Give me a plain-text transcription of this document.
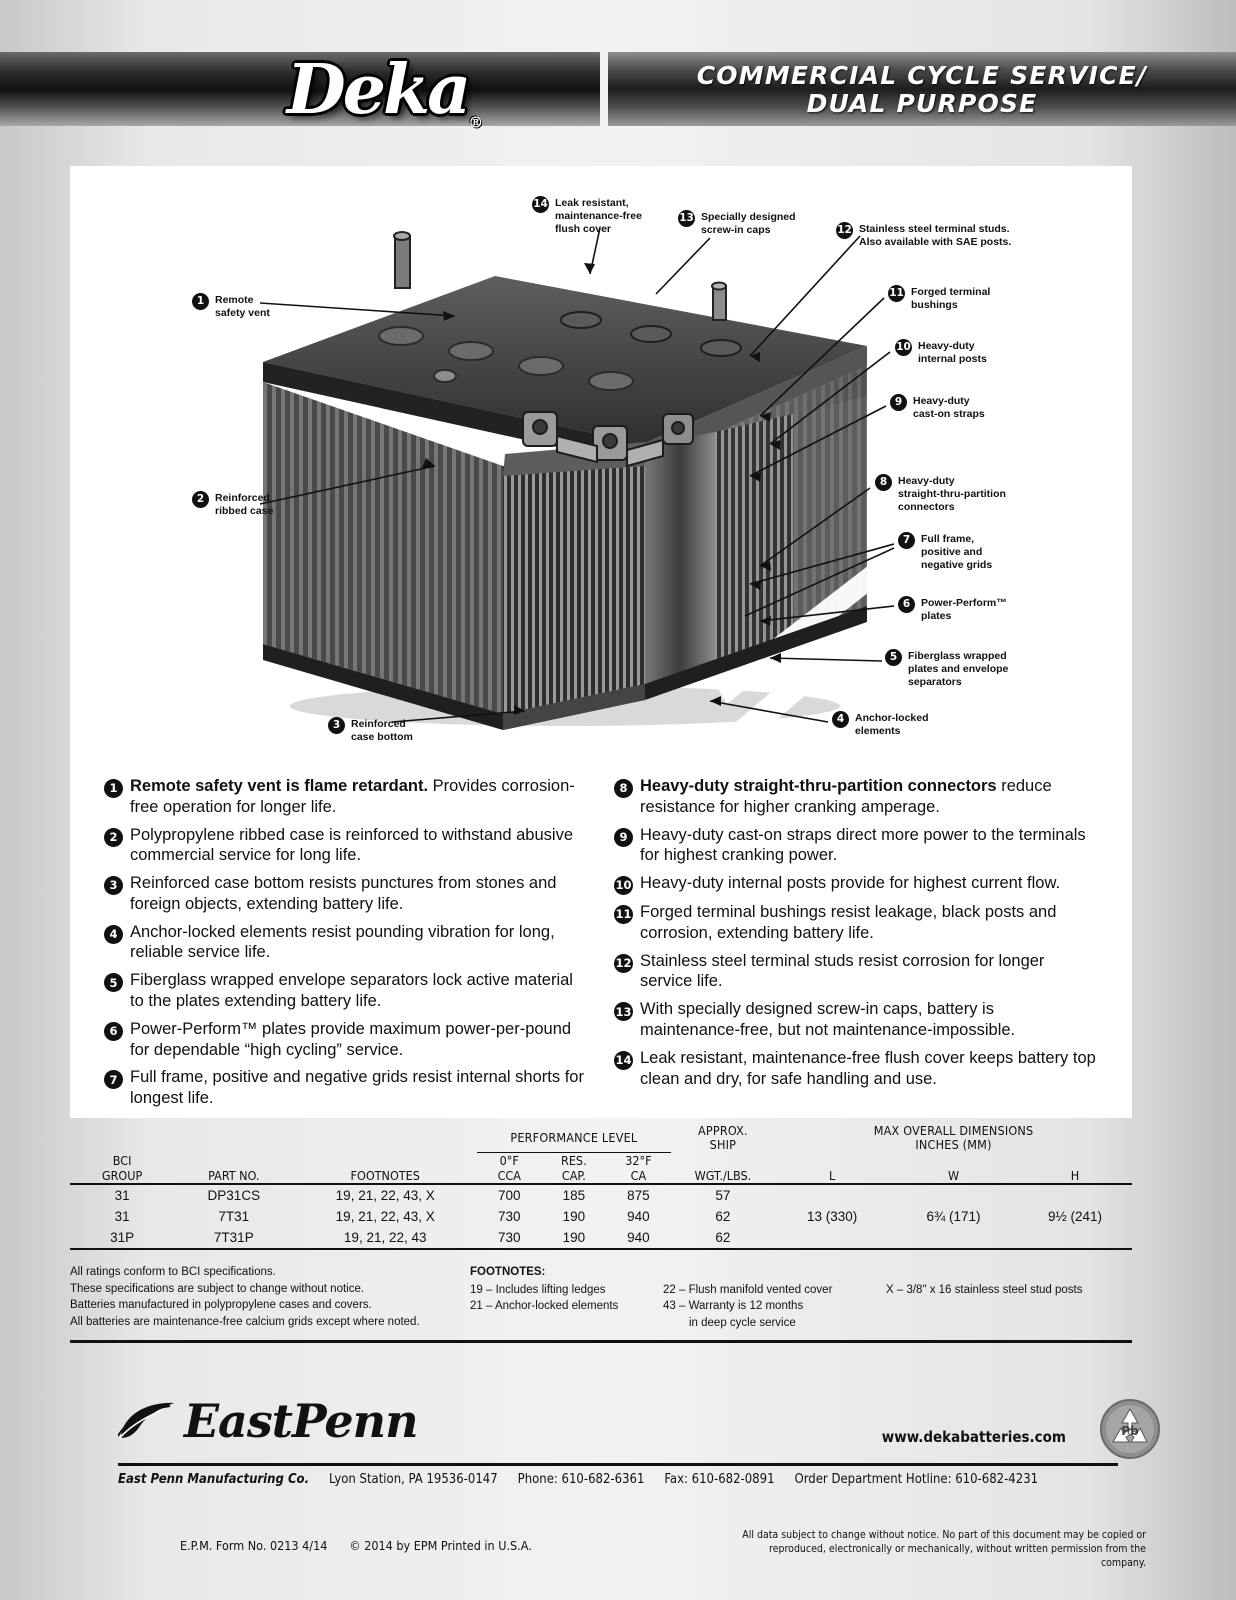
Deka$_®$
COMMERCIAL CYCLE SERVICE/
DUAL PURPOSE
1	Remote
safety vent
2	Reinforced
ribbed case
3	Reinforced
case bottom
4	Anchor-locked
elements
5	Fiberglass wrapped
plates and envelope
separators
6	Power-Perform™
plates
7	Full frame,
positive and
negative grids
8	Heavy-duty
straight-thru-partition
connectors
9	Heavy-duty
cast-on straps
10 Heavy-duty
internal posts
11 Forged terminal
bushings
12 Stainless steel terminal studs.
Also available with SAE posts.
13 Specially designed
screw-in caps
14 Leak resistant,
maintenance-free
flush cover
1 Remote safety vent is flame retardant. Provides corrosion-free operation for longer life.
2 Polypropylene ribbed case is reinforced to withstand abusive commercial service for long life.
3 Reinforced case bottom resists punctures from stones and foreign objects, extending battery life.
4 Anchor-locked elements resist pounding vibration for long, reliable service life.
5 Fiberglass wrapped envelope separators lock active material to the plates extending battery life.
6 Power-Perform™ plates provide maximum power-per-pound for dependable “high cycling” service.
7 Full frame, positive and negative grids resist internal shorts for longest life.
8 Heavy-duty straight-thru-partition connectors reduce resistance for higher cranking amperage.
9 Heavy-duty cast-on straps direct more power to the terminals for highest cranking power.
10 Heavy-duty internal posts provide for highest current flow.
11 Forged terminal bushings resist leakage, black posts and corrosion, extending battery life.
12 Stainless steel terminal studs resist corrosion for longer service life.
13 With specially designed screw-in caps, battery is maintenance-free, but not maintenance-impossible.
14 Leak resistant, maintenance-free flush cover keeps battery top clean and dry, for safe handling and use.
			PERFORMANCE LEVEL			APPROX.
SHIP	MAX OVERALL DIMENSIONS
INCHES (MM)		
BCI
GROUP	PART NO.	FOOTNOTES	0°F
CCA	RES.
CAP.	32°F
CA	WGT./LBS.	L	W	H
31	DP31CS	19, 21, 22, 43, X	700	185	875	57			
31	7T31	19, 21, 22, 43, X	730	190	940	62	13 (330)	6¾ (171)	9½ (241)
31P	7T31P	19, 21, 22, 43	730	190	940	62			
All ratings conform to BCI specifications.
These specifications are subject to change without notice.
Batteries manufactured in polypropylene cases and covers.
All batteries are maintenance-free calcium grids except where noted.
FOOTNOTES:
19 – Includes lifting ledges
21 – Anchor-locked elements
22 – Flush manifold vented cover
43 – Warranty is 12 months
in deep cycle service
X – 3/8" x 16 stainless steel stud posts
EastPenn	www.dekabatteries.com	Pb
East Penn Manufacturing Co. Lyon Station, PA 19536-0147 Phone: 610-682-6361 Fax: 610-682-0891 Order Department Hotline: 610-682-4231
E.P.M. Form No. 0213 4/14 © 2014 by EPM Printed in U.S.A.
All data subject to change without notice. No part of this document may be copied or
reproduced, electronically or mechanically, without written permission from the company.
